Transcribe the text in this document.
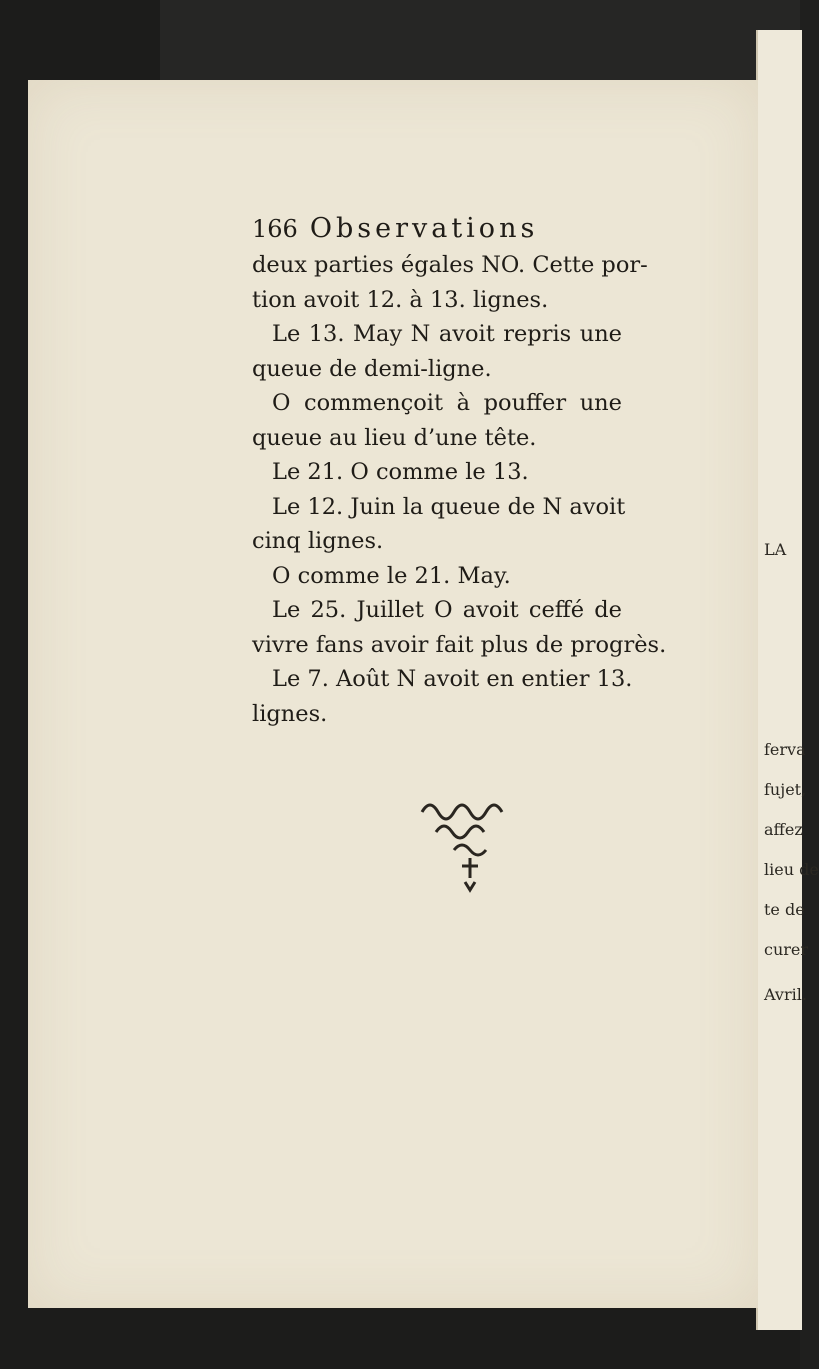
LA
ferva
fujet,
affez
lieu de
te de
curer
Avril.
166 Observations
deux parties égales NO. Cette por-
tion avoit 12. à 13. lignes.
Le 13. May N avoit repris une
queue de demi-ligne.
O commençoit à pouffer une
queue au lieu d’une tête.
Le 21. O comme le 13.
Le 12. Juin la queue de N avoit
cinq lignes.
O comme le 21. May.
Le 25. Juillet O avoit ceffé de
vivre fans avoir fait plus de progrès.
Le 7. Août N avoit en entier 13.
lignes.
